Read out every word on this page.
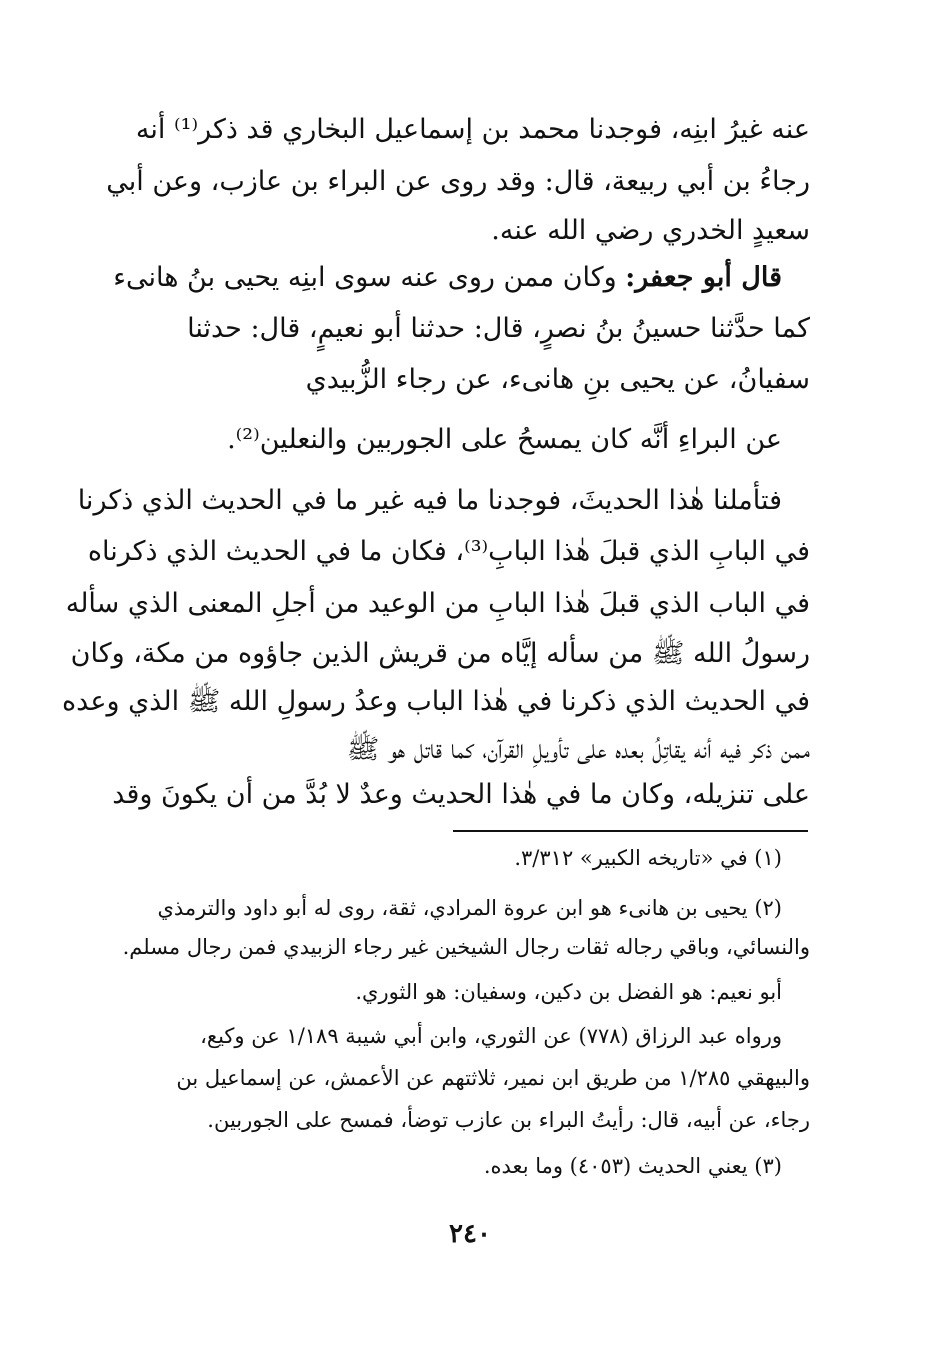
عنه غيرُ ابنِه، فوجدنا محمد بن إسماعيل البخاري قد ذكر⁽¹⁾ أنه
رجاءُ بن أبي ربيعة، قال: وقد روى عن البراء بن عازب، وعن أبي
سعيدٍ الخدري رضي الله عنه.
قال أبو جعفر: وكان ممن روى عنه سوى ابنِه يحيى بنُ هانىء
كما حدَّثنا حسينُ بنُ نصرٍ، قال: حدثنا أبو نعيمٍ، قال: حدثنا
سفيانُ، عن يحيى بنِ هانىء، عن رجاء الزُّبيدي
عن البراءِ أنَّه كان يمسحُ على الجوربين والنعلين⁽²⁾.
فتأملنا هٰذا الحديثَ، فوجدنا ما فيه غير ما في الحديث الذي ذكرنا
في البابِ الذي قبلَ هٰذا البابِ⁽³⁾، فكان ما في الحديث الذي ذكرناه
في الباب الذي قبلَ هٰذا البابِ من الوعيد من أجلِ المعنى الذي سأله
رسولُ الله ﷺ من سأله إيَّاه من قريش الذين جاؤوه من مكة، وكان
في الحديث الذي ذكرنا في هٰذا الباب وعدُ رسولِ الله ﷺ الذي وعده
ممن ذكر فيه أنه يقاتِلُ بعده على تأويلِ القرآن، كما قاتل هو ﷺ
على تنزيله، وكان ما في هٰذا الحديث وعدٌ لا بُدَّ من أن يكونَ وقد
(١) في «تاريخه الكبير» ٣/٣١٢.
(٢) يحيى بن هانىء هو ابن عروة المرادي، ثقة، روى له أبو داود والترمذي
والنسائي، وباقي رجاله ثقات رجال الشيخين غير رجاء الزبيدي فمن رجال مسلم.
أبو نعيم: هو الفضل بن دكين، وسفيان: هو الثوري.
ورواه عبد الرزاق (٧٧٨) عن الثوري، وابن أبي شيبة ١/١٨٩ عن وكيع،
والبيهقي ١/٢٨٥ من طريق ابن نمير، ثلاثتهم عن الأعمش، عن إسماعيل بن
رجاء، عن أبيه، قال: رأيتُ البراء بن عازب توضأ، فمسح على الجوربين.
(٣) يعني الحديث (٤٠٥٣) وما بعده.
٢٤٠
